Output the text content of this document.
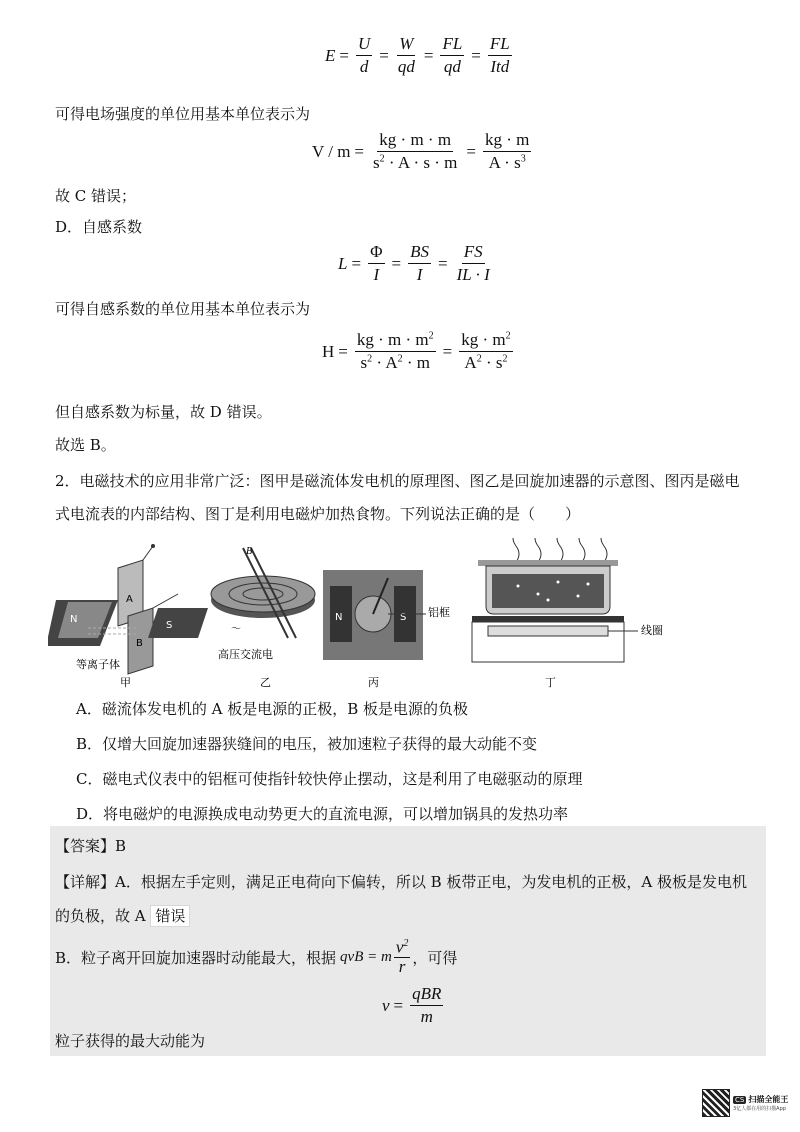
$E = \frac{U}{d} = \frac{W}{qd} = \frac{FL}{qd} = \frac{FL}{\text{Itd}}$
可得电场强度的单位用基本单位表示为
$V / m = \frac{kg \cdot m \cdot m}{s^2 \cdot A \cdot s \cdot m} = \frac{kg \cdot m}{A \cdot s^3}$
故 C 错误；
D．自感系数
$L = \frac{\Phi}{I} = \frac{BS}{I} = \frac{FS}{IL \cdot I}$
可得自感系数的单位用基本单位表示为
$H = \frac{kg \cdot m \cdot m^2}{s^2 \cdot A^2 \cdot m} = \frac{kg \cdot m^2}{A^2 \cdot s^2}$
但自感系数为标量，故 D 错误。
故选 B。
2．电磁技术的应用非常广泛：图甲是磁流体发电机的原理图、图乙是回旋加速器的示意图、图丙是磁电
式电流表的内部结构、图丁是利用电磁炉加热食物。下列说法正确的是（　　）
N
A
B
S
等离子体
甲
B
～
高压交流电
乙
N	S 铝框
丙
线圈
丁
A．磁流体发电机的 A 板是电源的正极，B 板是电源的负极
B．仅增大回旋加速器狭缝间的电压，被加速粒子获得的最大动能不变
C．磁电式仪表中的铝框可使指针较快停止摆动，这是利用了电磁驱动的原理
D．将电磁炉的电源换成电动势更大的直流电源，可以增加锅具的发热功率
【答案】B
【详解】A．根据左手定则，满足正电荷向下偏转，所以 B 板带正电，为发电机的正极，A 极板是发电机
的负极，故 A 错误
B．粒子离开回旋加速器时动能最大，根据 qvB = m $\frac{v^2}{r}$ ，可得
$v = \frac{\text{qBR}}{m}$
粒子获得的最大动能为
CS 扫描全能王
3亿人都在用的扫描App
